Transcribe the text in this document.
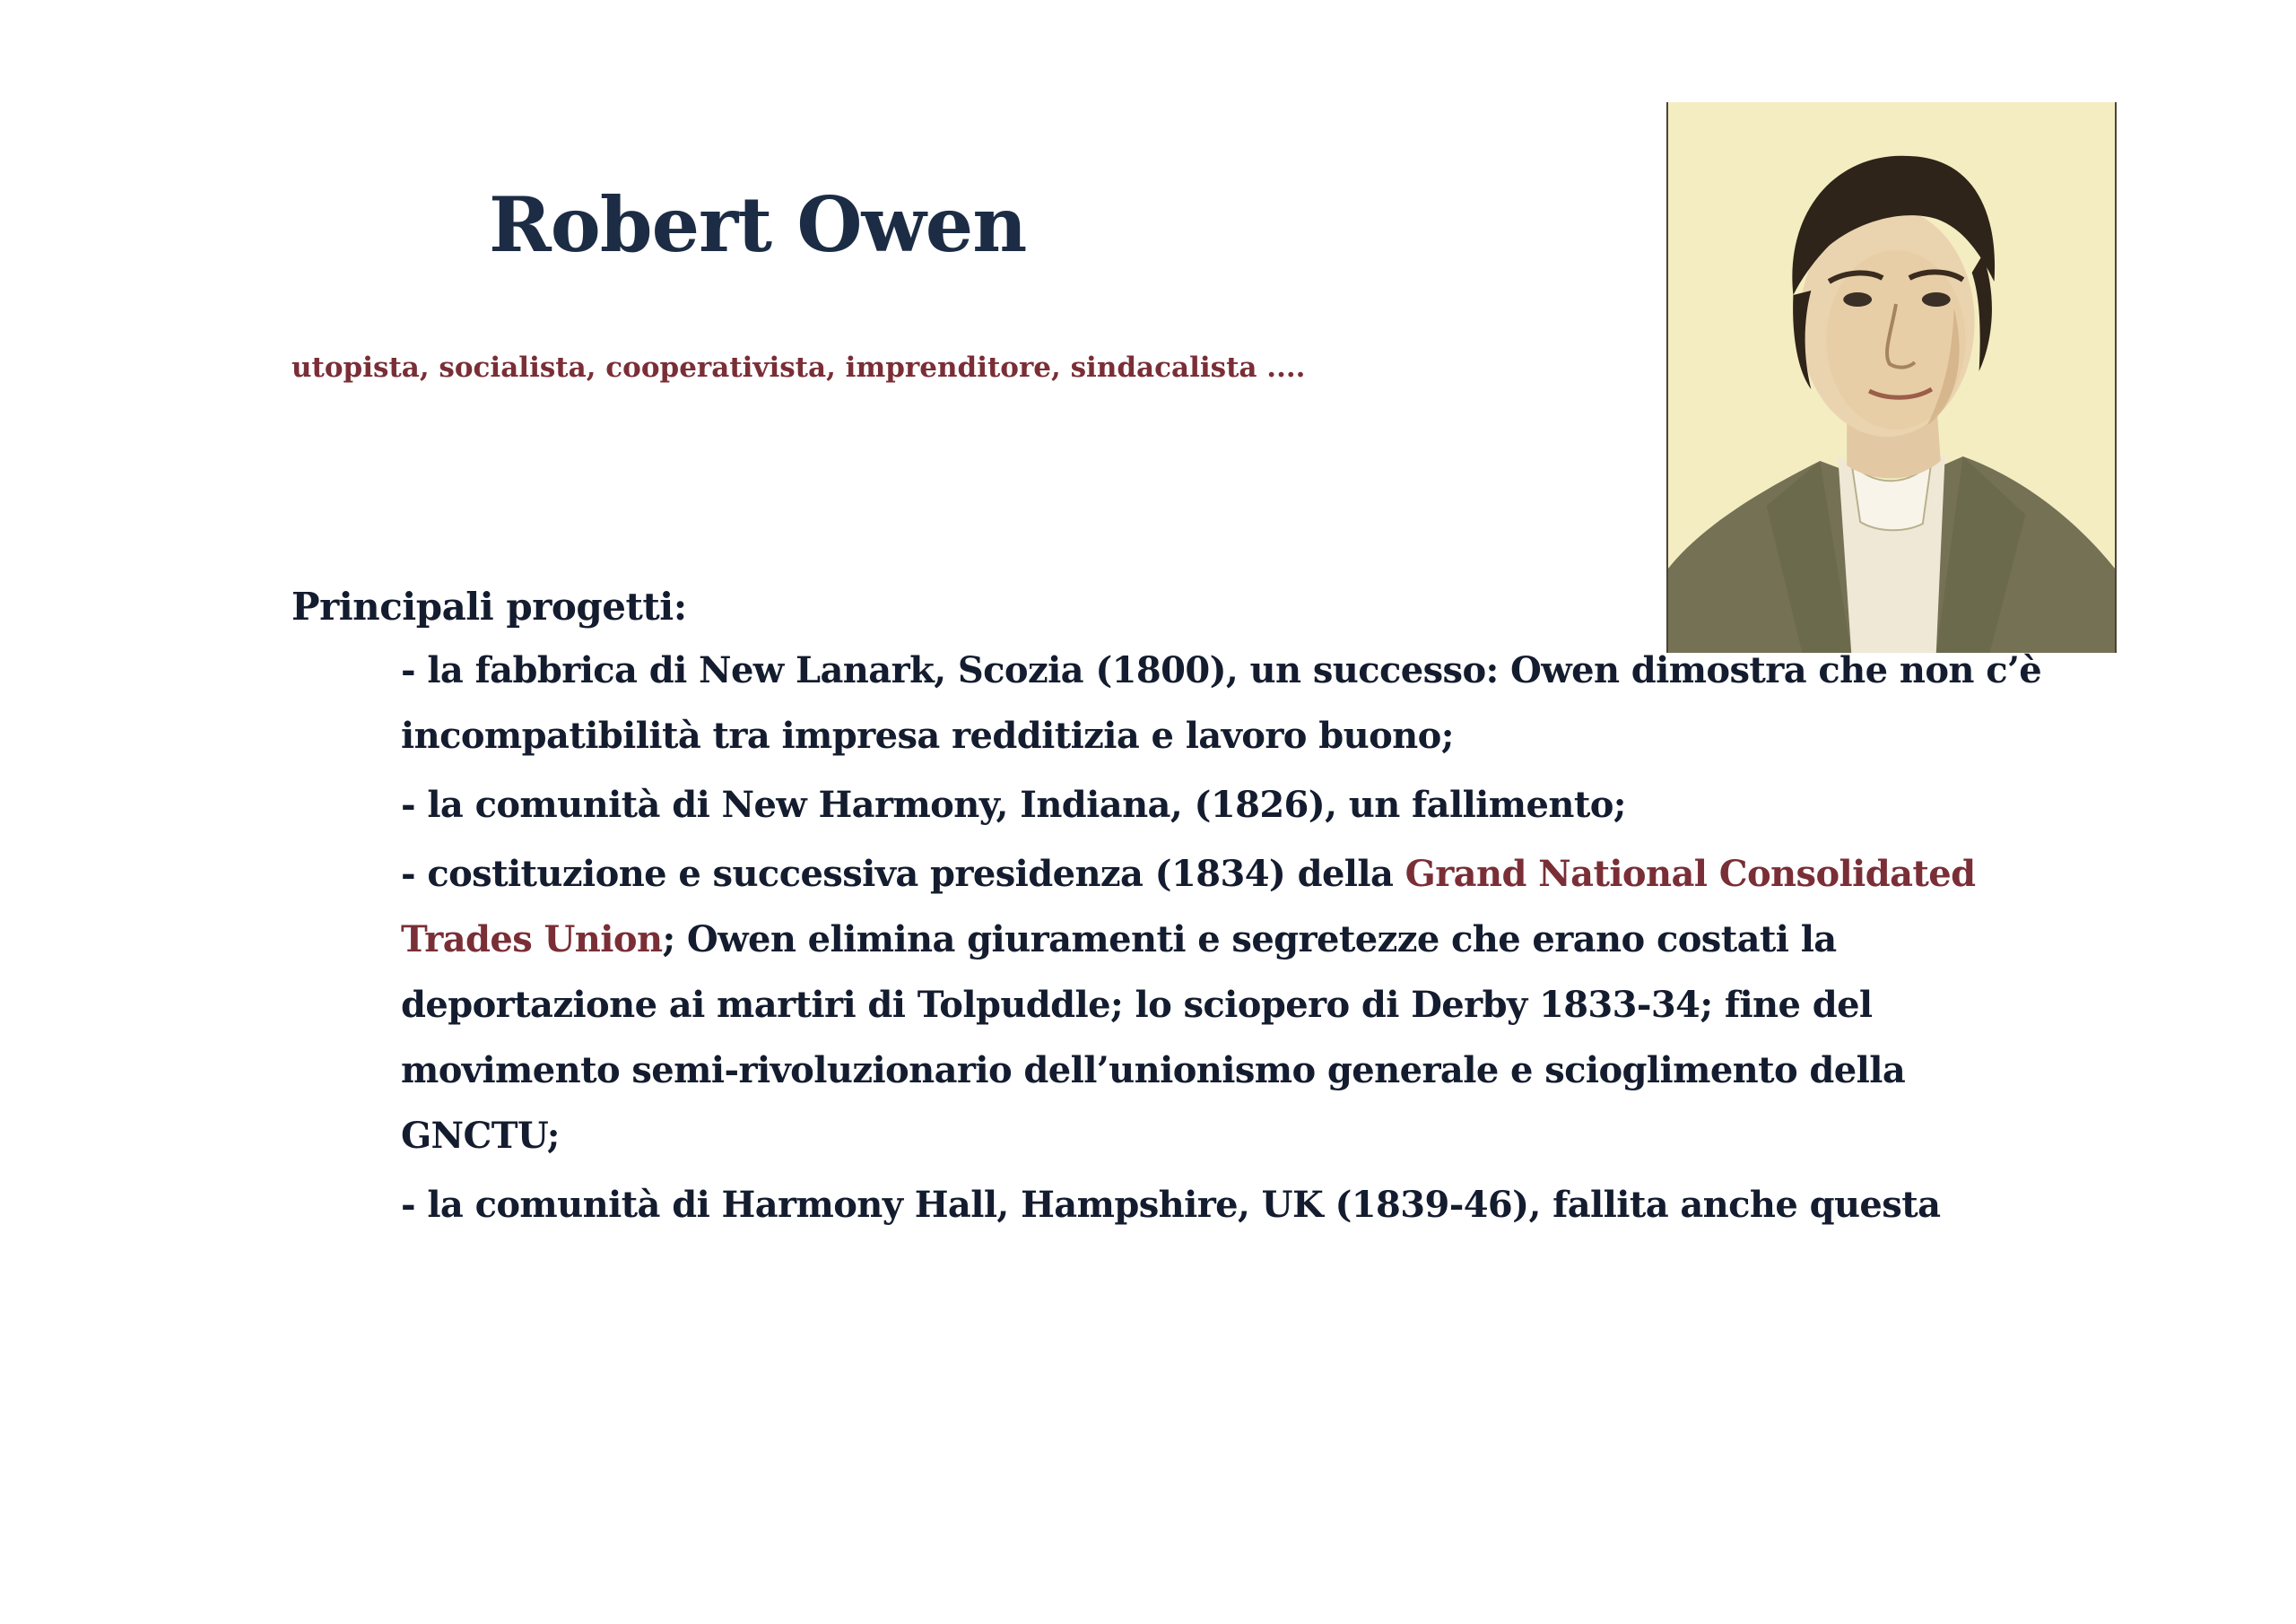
Robert Owen

utopista, socialista, cooperativista, imprenditore, sindacalista ....

Principali progetti:
- la fabbrica di New Lanark, Scozia (1800), un successo: Owen dimostra che non c’è incompatibilità tra impresa redditizia e lavoro buono;
- la comunità di New Harmony, Indiana, (1826), un fallimento;
- costituzione e successiva presidenza (1834) della Grand National Consolidated Trades Union; Owen elimina giuramenti e segretezze che erano costati la deportazione ai martiri di Tolpuddle; lo sciopero di Derby 1833-34; fine del movimento semi-rivoluzionario dell’unionismo generale e scioglimento della GNCTU;
- la comunità di Harmony Hall, Hampshire, UK (1839-46), fallita anche questa
